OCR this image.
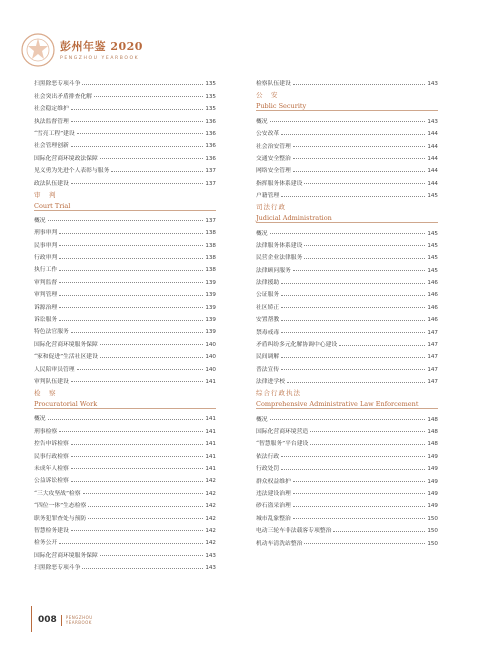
彭州年鉴 2020
PENGZHOU YEARBOOK
扫黑除恶专项斗争	135
社会突出矛盾排查化解	135
社会稳定维护	135
执法监督管理	136
“雪亮工程”建设	136
社会管理创新	136
国际化营商环境政法保障	136
见义勇为先进个人表彰与服务	137
政法队伍建设	137
审　判
Court Trial
概况	137
刑事审判	138
民事审判	138
行政审判	138
执行工作	138
审判监督	139
审判管理	139
诉源治理	139
诉讼服务	139
特色法官服务	139
国际化营商环境服务保障	140
“家和促进”生活社区建设	140
人民陪审员管理	140
审判队伍建设	141
检　察
Procuratorial Work
概况	141
刑事检察	141
控告申诉检察	141
民事行政检察	141
未成年人检察	141
公益诉讼检察	142
“三大攻坚战”检察	142
“四位一体”生态检察	142
职务犯罪查处与预防	142
智慧检务建设	142
检务公开	142
国际化营商环境服务保障	143
扫黑除恶专项斗争	143
检察队伍建设	143
公　安
Public Security
概况	143
公安改革	144
社会治安管理	144
交通安全整治	144
网络安全管理	144
指挥服务体系建设	144
户籍管理	145
司法行政
Judicial Administration
概况	145
法律服务体系建设	145
民营企业法律服务	145
法律顾问服务	145
法律援助	146
公证服务	146
社区矫正	146
安置帮教	146
禁毒戒毒	147
矛盾纠纷多元化解协调中心建设	147
民间调解	147
普法宣传	147
法律进学校	147
综合行政执法
Comprehensive Administrative Law Enforcement
概况	148
国际化营商环境营造	148
“智慧服务”平台建设	148
依法行政	149
行政处罚	149
群众权益维护	149
违法建设治理	149
砂石盗采治理	149
城市乱象整治	150
电动三轮车非法载客专项整治	150
机动车清洗站整治	150
008 PENGZHOU
YEARBOOK
